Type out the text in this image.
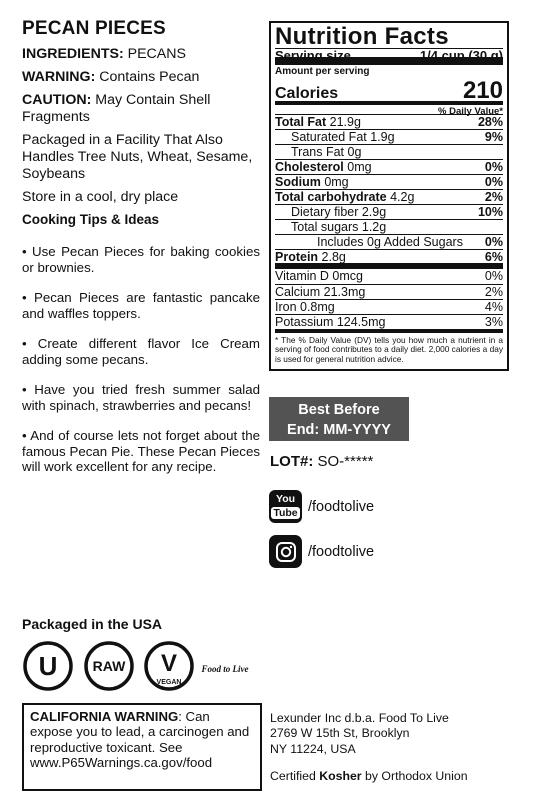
PECAN PIECES
INGREDIENTS: PECANS
WARNING: Contains Pecan
CAUTION: May Contain Shell Fragments
Packaged in a Facility That Also Handles Tree Nuts, Wheat, Sesame, Soybeans
Store in a cool, dry place
Cooking Tips & Ideas
• Use Pecan Pieces for baking cookies or brownies.
• Pecan Pieces are fantastic pancake and waffles toppers.
• Create different flavor Ice Cream adding some pecans.
• Have you tried fresh summer salad with spinach, strawberries and pecans!
• And of course lets not forget about the famous Pecan Pie. These Pecan Pieces will work excellent for any recipe.
Nutrition Facts
Serving size	1/4 cup (30 g)
Amount per serving
Calories	210
% Daily Value*
Total Fat 21.9g	28%
Saturated Fat 1.9g	9%
Trans Fat 0g
Cholesterol 0mg	0%
Sodium 0mg	0%
Total carbohydrate 4.2g	2%
Dietary fiber 2.9g	10%
Total sugars 1.2g
Includes 0g Added Sugars 0%
Protein 2.8g	6%
Vitamin D 0mcg	0%
Calcium 21.3mg	2%
Iron 0.8mg	4%
Potassium 124.5mg	3%
* The % Daily Value (DV) tells you how much a nutrient in a serving of food contributes to a daily diet. 2,000 calories a day is used for general nutrition advice.
Best Before
End: MM-YYYY
LOT#: SO-*****
You
Tube /foodtolive
/foodtolive
Packaged in the USA
U	RAW V
VEGAN
Food to Live
CALIFORNIA WARNING: Can expose you to lead, a carcinogen and reproductive toxicant. See www.P65Warnings.ca.gov/food
Lexunder Inc d.b.a. Food To Live
2769 W 15th St, Brooklyn
NY 11224, USA
Certified Kosher by Orthodox Union
